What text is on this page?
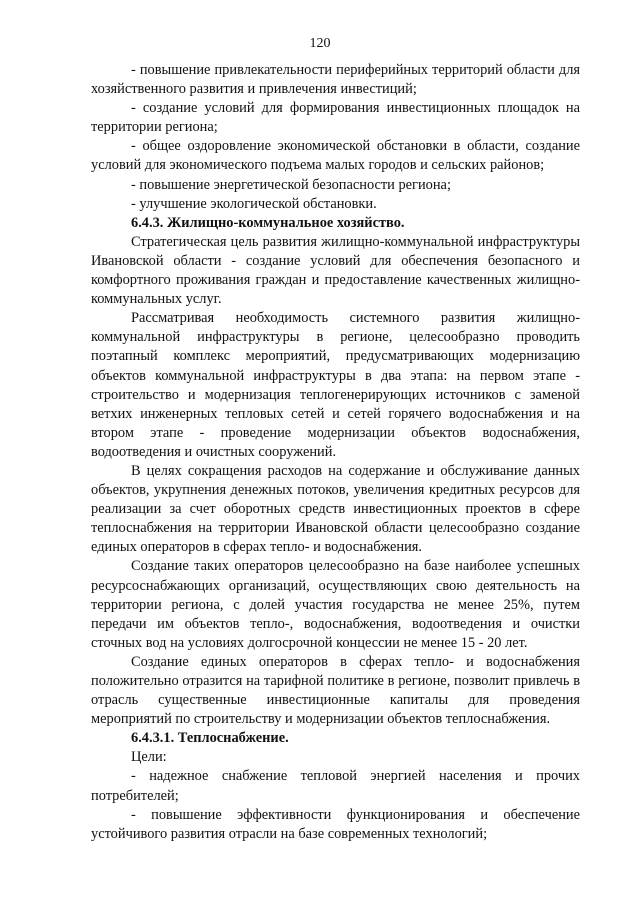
120

- повышение привлекательности периферийных территорий области для хозяйственного развития и привлечения инвестиций;

- создание условий для формирования инвестиционных площадок на территории региона;

- общее оздоровление экономической обстановки в области, создание условий для экономического подъема малых городов и сельских районов;

- повышение энергетической безопасности региона;

- улучшение экологической обстановки.

6.4.3. Жилищно-коммунальное хозяйство.

Стратегическая цель развития жилищно-коммунальной инфраструктуры Ивановской области - создание условий для обеспечения безопасного и комфортного проживания граждан и предоставление качественных жилищно-коммунальных услуг.

Рассматривая необходимость системного развития жилищно-коммунальной инфраструктуры в регионе, целесообразно проводить поэтапный комплекс мероприятий, предусматривающих модернизацию объектов коммунальной инфраструктуры в два этапа: на первом этапе - строительство и модернизация теплогенерирующих источников с заменой ветхих инженерных тепловых сетей и сетей горячего водоснабжения и на втором этапе - проведение модернизации объектов водоснабжения, водоотведения и очистных сооружений.

В целях сокращения расходов на содержание и обслуживание данных объектов, укрупнения денежных потоков, увеличения кредитных ресурсов для реализации за счет оборотных средств инвестиционных проектов в сфере теплоснабжения на территории Ивановской области целесообразно создание единых операторов в сферах тепло- и водоснабжения.

Создание таких операторов целесообразно на базе наиболее успешных ресурсоснабжающих организаций, осуществляющих свою деятельность на территории региона, с долей участия государства не менее 25%, путем передачи им объектов тепло-, водоснабжения, водоотведения и очистки сточных вод на условиях долгосрочной концессии не менее 15 - 20 лет.

Создание единых операторов в сферах тепло- и водоснабжения положительно отразится на тарифной политике в регионе, позволит привлечь в отрасль существенные инвестиционные капиталы для проведения мероприятий по строительству и модернизации объектов теплоснабжения.

6.4.3.1. Теплоснабжение.

Цели:

- надежное снабжение тепловой энергией населения и прочих потребителей;

- повышение эффективности функционирования и обеспечение устойчивого развития отрасли на базе современных технологий;
